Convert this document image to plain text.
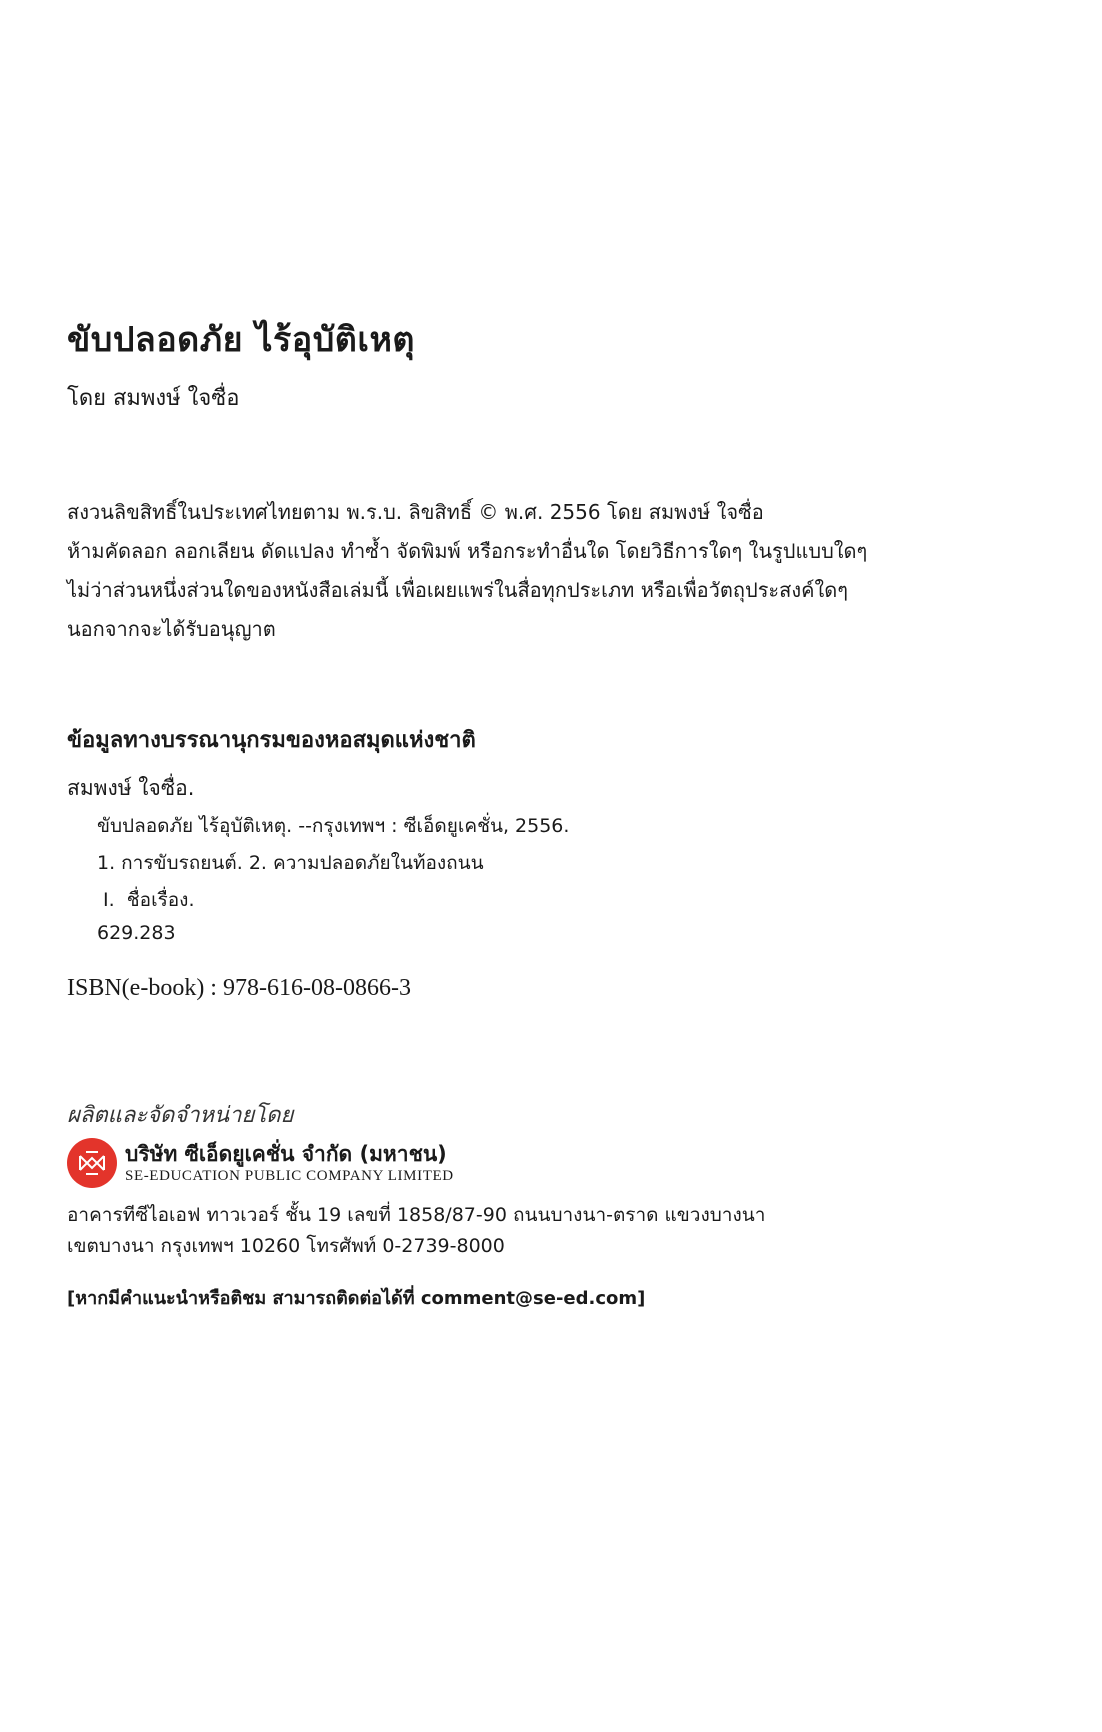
ขับปลอดภัย ไร้อุบัติเหตุ
โดย สมพงษ์ ใจซื่อ
สงวนลิขสิทธิ์ในประเทศไทยตาม พ.ร.บ. ลิขสิทธิ์ © พ.ศ. 2556 โดย สมพงษ์ ใจซื่อ
ห้ามคัดลอก ลอกเลียน ดัดแปลง ทำซ้ำ จัดพิมพ์ หรือกระทำอื่นใด โดยวิธีการใดๆ ในรูปแบบใดๆ
ไม่ว่าส่วนหนึ่งส่วนใดของหนังสือเล่มนี้ เพื่อเผยแพร่ในสื่อทุกประเภท หรือเพื่อวัตถุประสงค์ใดๆ
นอกจากจะได้รับอนุญาต
ข้อมูลทางบรรณานุกรมของหอสมุดแห่งชาติ
สมพงษ์ ใจซื่อ.
ขับปลอดภัย ไร้อุบัติเหตุ. --กรุงเทพฯ : ซีเอ็ดยูเคชั่น, 2556.
1. การขับรถยนต์. 2. ความปลอดภัยในท้องถนน
I.  ชื่อเรื่อง.
629.283
ISBN(e-book) : 978-616-08-0866-3
ผลิตและจัดจำหน่ายโดย
บริษัท ซีเอ็ดยูเคชั่น จำกัด (มหาชน)
SE-EDUCATION PUBLIC COMPANY LIMITED
อาคารทีซีไอเอฟ ทาวเวอร์ ชั้น 19 เลขที่ 1858/87-90 ถนนบางนา-ตราด แขวงบางนา
เขตบางนา กรุงเทพฯ 10260 โทรศัพท์ 0-2739-8000
[หากมีคำแนะนำหรือติชม สามารถติดต่อได้ที่ comment@se-ed.com]
